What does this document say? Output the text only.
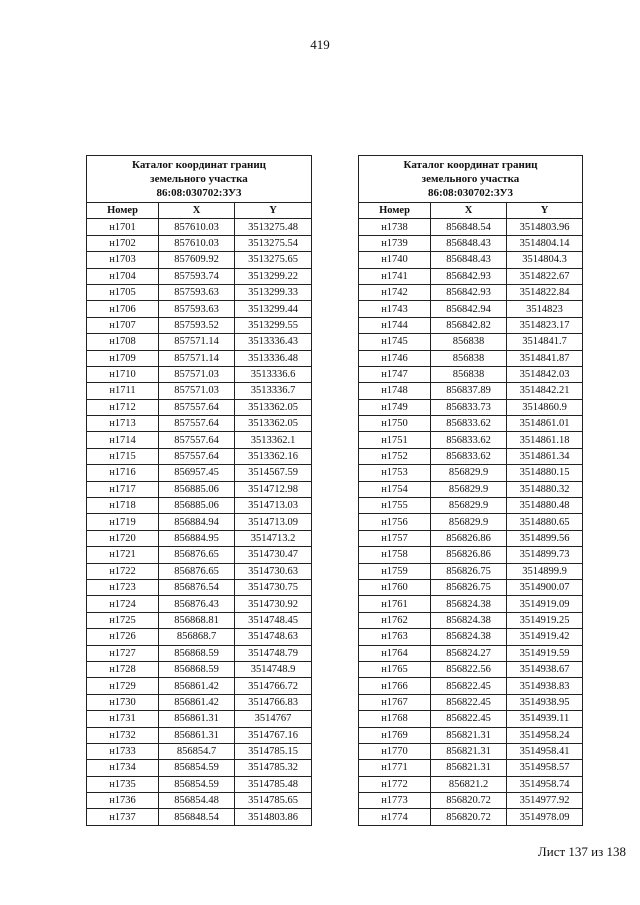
419
Каталог координат границ
земельного участка
86:08:030702:ЗУ3		
Номер	X	Y
н1701	857610.03	3513275.48
н1702	857610.03	3513275.54
н1703	857609.92	3513275.65
н1704	857593.74	3513299.22
н1705	857593.63	3513299.33
н1706	857593.63	3513299.44
н1707	857593.52	3513299.55
н1708	857571.14	3513336.43
н1709	857571.14	3513336.48
н1710	857571.03	3513336.6
н1711	857571.03	3513336.7
н1712	857557.64	3513362.05
н1713	857557.64	3513362.05
н1714	857557.64	3513362.1
н1715	857557.64	3513362.16
н1716	856957.45	3514567.59
н1717	856885.06	3514712.98
н1718	856885.06	3514713.03
н1719	856884.94	3514713.09
н1720	856884.95	3514713.2
н1721	856876.65	3514730.47
н1722	856876.65	3514730.63
н1723	856876.54	3514730.75
н1724	856876.43	3514730.92
н1725	856868.81	3514748.45
н1726	856868.7	3514748.63
н1727	856868.59	3514748.79
н1728	856868.59	3514748.9
н1729	856861.42	3514766.72
н1730	856861.42	3514766.83
н1731	856861.31	3514767
н1732	856861.31	3514767.16
н1733	856854.7	3514785.15
н1734	856854.59	3514785.32
н1735	856854.59	3514785.48
н1736	856854.48	3514785.65
н1737	856848.54	3514803.86
Каталог координат границ
земельного участка
86:08:030702:ЗУ3		
Номер	X	Y
н1738	856848.54	3514803.96
н1739	856848.43	3514804.14
н1740	856848.43	3514804.3
н1741	856842.93	3514822.67
н1742	856842.93	3514822.84
н1743	856842.94	3514823
н1744	856842.82	3514823.17
н1745	856838	3514841.7
н1746	856838	3514841.87
н1747	856838	3514842.03
н1748	856837.89	3514842.21
н1749	856833.73	3514860.9
н1750	856833.62	3514861.01
н1751	856833.62	3514861.18
н1752	856833.62	3514861.34
н1753	856829.9	3514880.15
н1754	856829.9	3514880.32
н1755	856829.9	3514880.48
н1756	856829.9	3514880.65
н1757	856826.86	3514899.56
н1758	856826.86	3514899.73
н1759	856826.75	3514899.9
н1760	856826.75	3514900.07
н1761	856824.38	3514919.09
н1762	856824.38	3514919.25
н1763	856824.38	3514919.42
н1764	856824.27	3514919.59
н1765	856822.56	3514938.67
н1766	856822.45	3514938.83
н1767	856822.45	3514938.95
н1768	856822.45	3514939.11
н1769	856821.31	3514958.24
н1770	856821.31	3514958.41
н1771	856821.31	3514958.57
н1772	856821.2	3514958.74
н1773	856820.72	3514977.92
н1774	856820.72	3514978.09
Лист 137 из 138
